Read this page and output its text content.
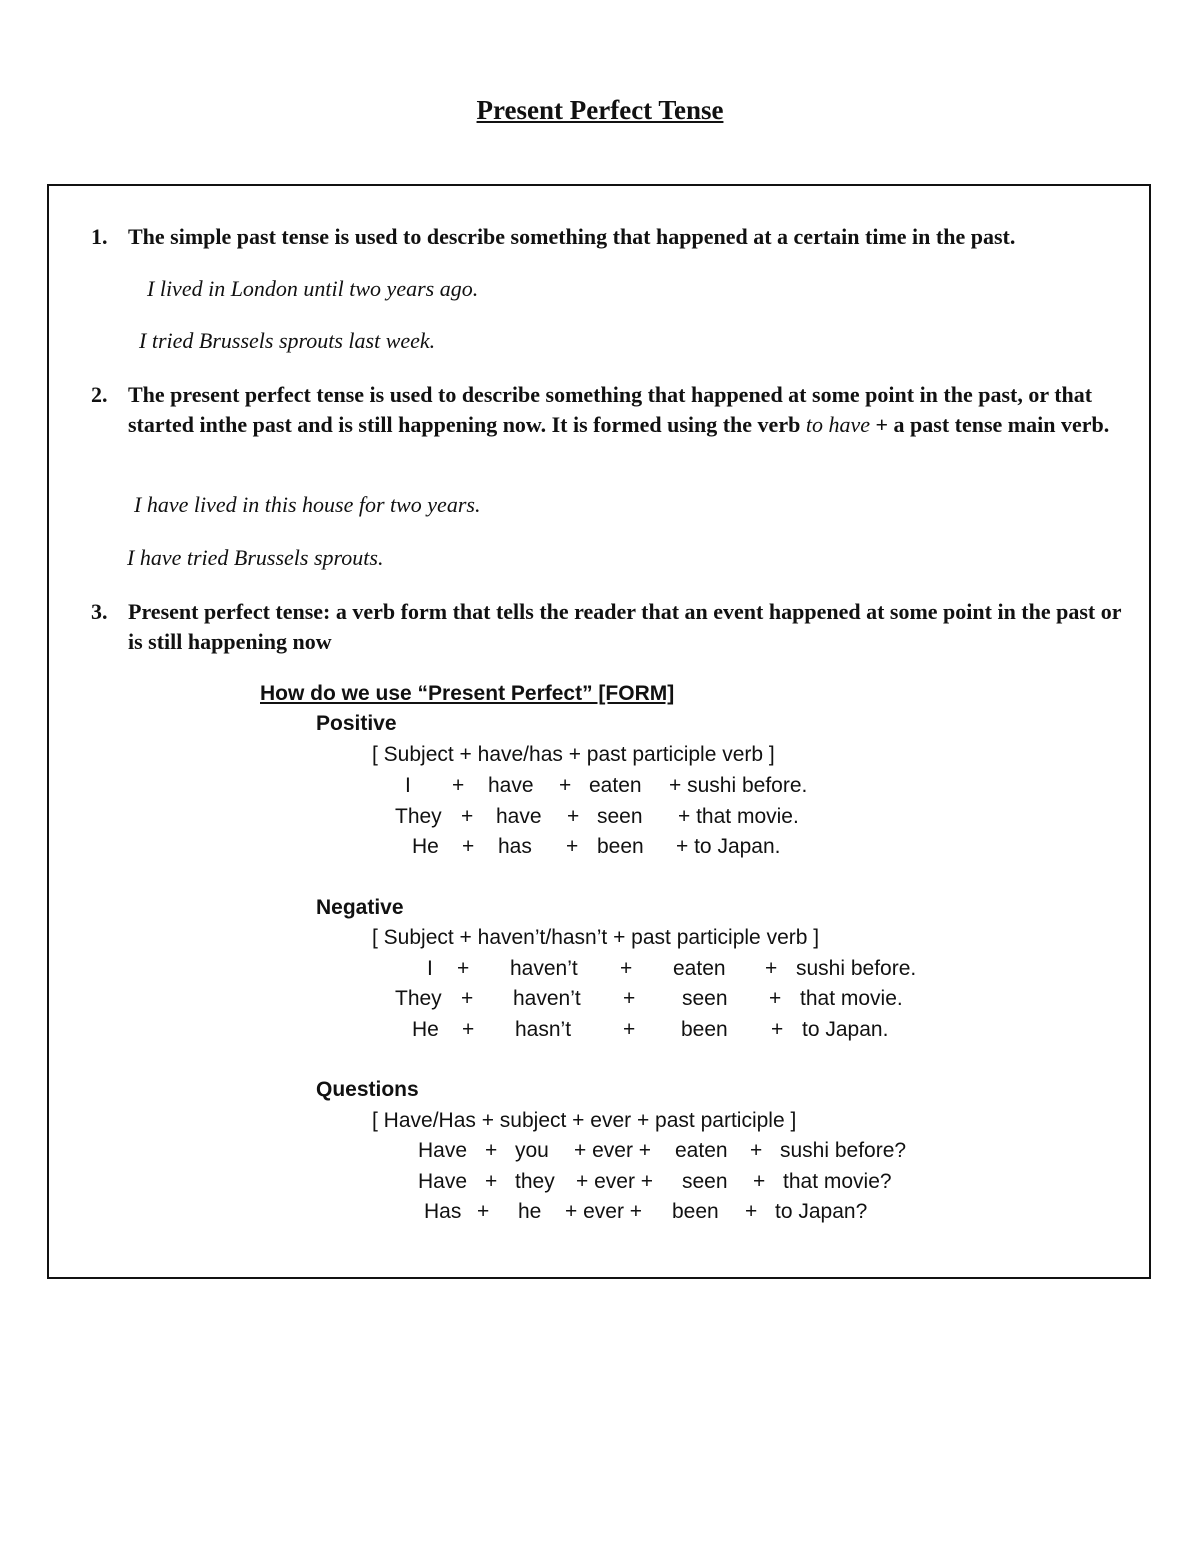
Present Perfect Tense
1. The simple past tense is used to describe something that happened at a certain time in the past.
I lived in London until two years ago.
I tried Brussels sprouts last week.
2. The present perfect tense is used to describe something that happened at some point in the past, or that started inthe past and is still happening now. It is formed using the verb to have + a past tense main verb.
I have lived in this house for two years.
I have tried Brussels sprouts.
3. Present perfect tense: a verb form that tells the reader that an event happened at some point in the past or is still happening now
How do we use “Present Perfect” [FORM]
Positive
[ Subject + have/has + past participle verb ]
I + have + eaten + sushi before.
They + have + seen + that movie.
He + has + been + to Japan.
Negative
[ Subject + haven’t/hasn’t + past participle verb ]
I + haven’t + eaten + sushi before.
They + haven’t + seen + that movie.
He + hasn’t + been + to Japan.
Questions
[ Have/Has + subject + ever + past participle ]
Have + you + ever + eaten + sushi before?
Have + they + ever + seen + that movie?
Has + he + ever + been + to Japan?
